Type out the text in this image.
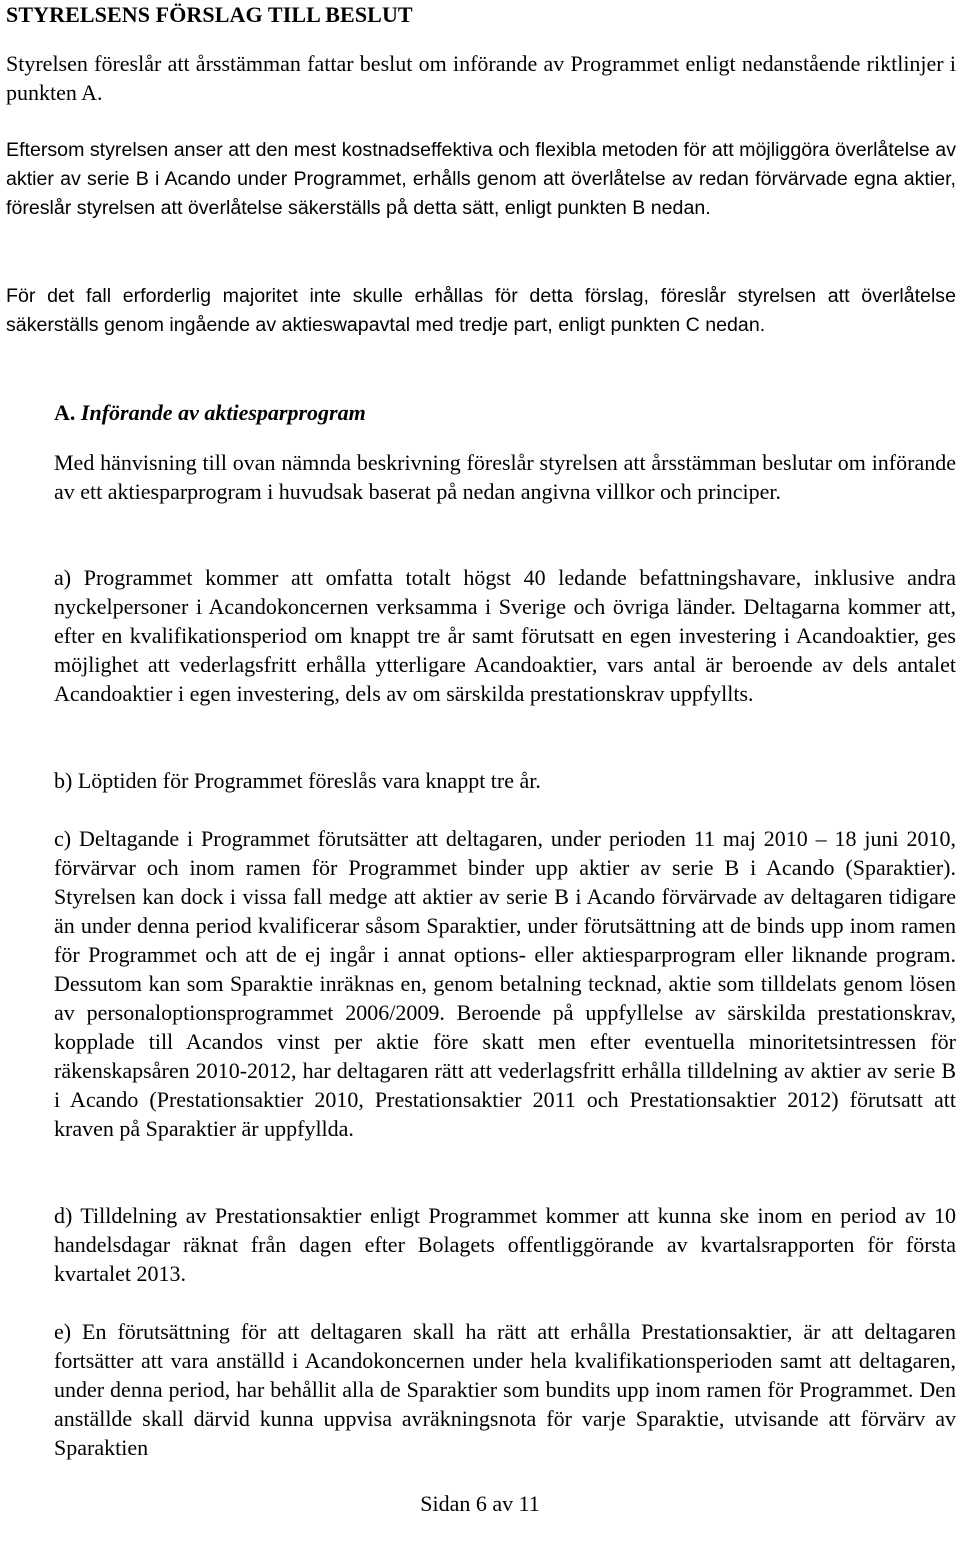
STYRELSENS FÖRSLAG TILL BESLUT

Styrelsen föreslår att årsstämman fattar beslut om införande av Programmet enligt nedanstående riktlinjer i punkten A.

Eftersom styrelsen anser att den mest kostnadseffektiva och flexibla metoden för att möjliggöra överlåtelse av aktier av serie B i Acando under Programmet, erhålls genom att överlåtelse av redan förvärvade egna aktier, föreslår styrelsen att överlåtelse säkerställs på detta sätt, enligt punkten B nedan.

För det fall erforderlig majoritet inte skulle erhållas för detta förslag, föreslår styrelsen att överlåtelse säkerställs genom ingående av aktieswapavtal med tredje part, enligt punkten C nedan.

A. Införande av aktiesparprogram

Med hänvisning till ovan nämnda beskrivning föreslår styrelsen att årsstämman beslutar om införande av ett aktiesparprogram i huvudsak baserat på nedan angivna villkor och principer.

a) Programmet kommer att omfatta totalt högst 40 ledande befattningshavare, inklusive andra nyckelpersoner i Acandokoncernen verksamma i Sverige och övriga länder. Deltagarna kommer att, efter en kvalifikationsperiod om knappt tre år samt förutsatt en egen investering i Acandoaktier, ges möjlighet att vederlagsfritt erhålla ytterligare Acandoaktier, vars antal är beroende av dels antalet Acandoaktier i egen investering, dels av om särskilda prestationskrav uppfyllts.

b) Löptiden för Programmet föreslås vara knappt tre år.

c) Deltagande i Programmet förutsätter att deltagaren, under perioden 11 maj 2010 – 18 juni 2010, förvärvar och inom ramen för Programmet binder upp aktier av serie B i Acando (Sparaktier). Styrelsen kan dock i vissa fall medge att aktier av serie B i Acando förvärvade av deltagaren tidigare än under denna period kvalificerar såsom Sparaktier, under förutsättning att de binds upp inom ramen för Programmet och att de ej ingår i annat options- eller aktiesparprogram eller liknande program. Dessutom kan som Sparaktie inräknas en, genom betalning tecknad, aktie som tilldelats genom lösen av personaloptionsprogrammet 2006/2009. Beroende på uppfyllelse av särskilda prestationskrav, kopplade till Acandos vinst per aktie före skatt men efter eventuella minoritetsintressen för räkenskapsåren 2010-2012, har deltagaren rätt att vederlagsfritt erhålla tilldelning av aktier av serie B i Acando (Prestationsaktier 2010, Prestationsaktier 2011 och Prestationsaktier 2012) förutsatt att kraven på Sparaktier är uppfyllda.

d) Tilldelning av Prestationsaktier enligt Programmet kommer att kunna ske inom en period av 10 handelsdagar räknat från dagen efter Bolagets offentliggörande av kvartalsrapporten för första kvartalet 2013.

e) En förutsättning för att deltagaren skall ha rätt att erhålla Prestationsaktier, är att deltagaren fortsätter att vara anställd i Acandokoncernen under hela kvalifikationsperioden samt att deltagaren, under denna period, har behållit alla de Sparaktier som bundits upp inom ramen för Programmet. Den anställde skall därvid kunna uppvisa avräkningsnota för varje Sparaktie, utvisande att förvärv av Sparaktien

Sidan 6 av 11
